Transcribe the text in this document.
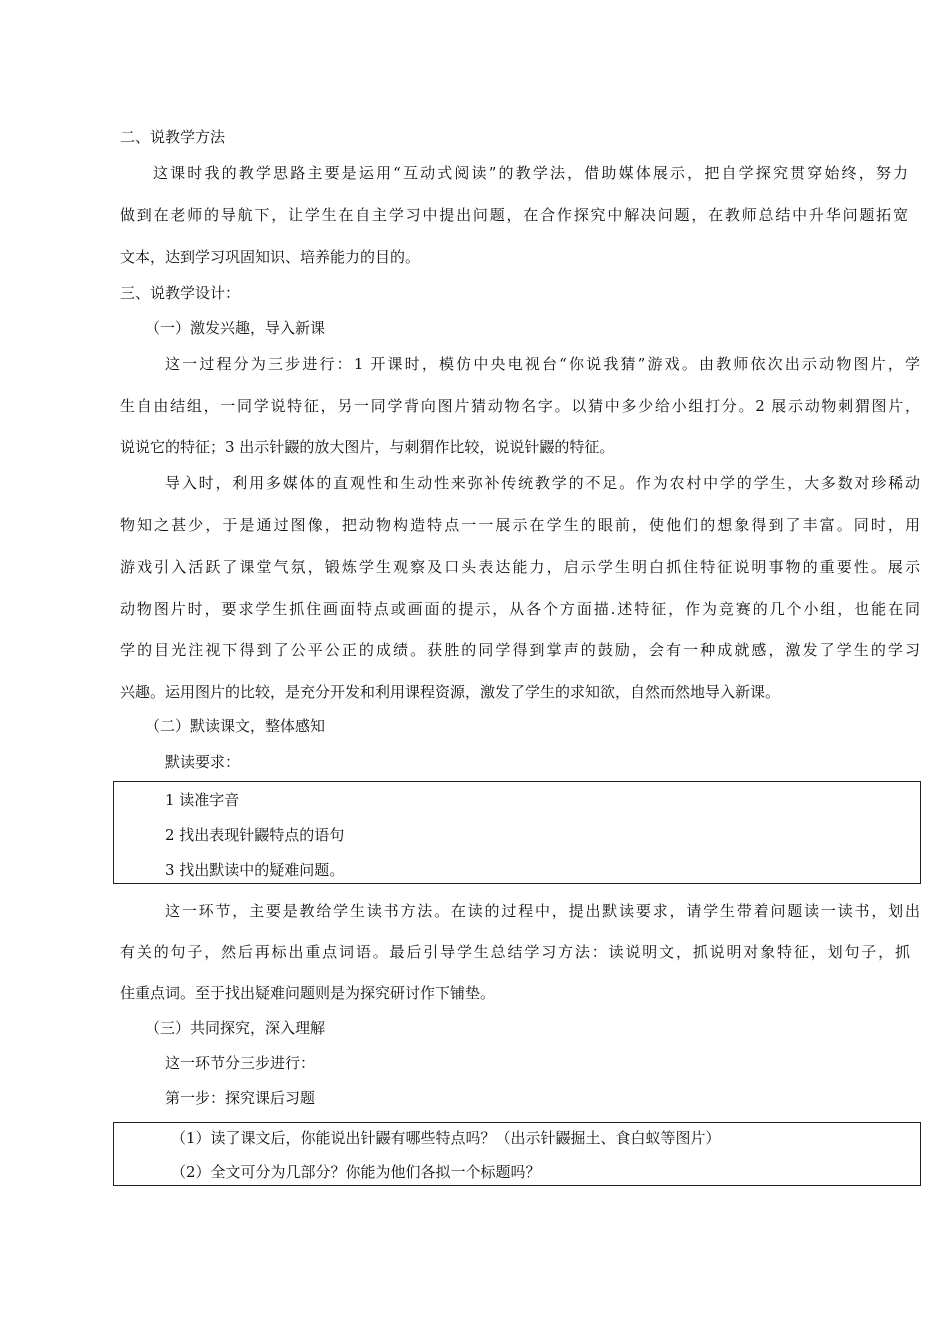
二、说教学方法
这课时我的教学思路主要是运用“互动式阅读”的教学法，借助媒体展示，把自学探究贯穿始终，努力
做到在老师的导航下，让学生在自主学习中提出问题，在合作探究中解决问题，在教师总结中升华问题拓宽
文本，达到学习巩固知识、培养能力的目的。
三、说教学设计：
（一）激发兴趣，导入新课
这一过程分为三步进行：1 开课时，模仿中央电视台“你说我猜”游戏。由教师依次出示动物图片，学
生自由结组，一同学说特征，另一同学背向图片猜动物名字。以猜中多少给小组打分。2 展示动物刺猬图片，
说说它的特征；3 出示针鼹的放大图片，与刺猬作比较，说说针鼹的特征。
导入时，利用多媒体的直观性和生动性来弥补传统教学的不足。作为农村中学的学生，大多数对珍稀动
物知之甚少，于是通过图像，把动物构造特点一一展示在学生的眼前，使他们的想象得到了丰富。同时，用
游戏引入活跃了课堂气氛，锻炼学生观察及口头表达能力，启示学生明白抓住特征说明事物的重要性。展示
动物图片时，要求学生抓住画面特点或画面的提示，从各个方面描.述特征，作为竞赛的几个小组，也能在同
学的目光注视下得到了公平公正的成绩。获胜的同学得到掌声的鼓励，会有一种成就感，激发了学生的学习
兴趣。运用图片的比较，是充分开发和利用课程资源，激发了学生的求知欲，自然而然地导入新课。
（二）默读课文，整体感知
默读要求：
1 读准字音
2 找出表现针鼹特点的语句
3 找出默读中的疑难问题。
这一环节，主要是教给学生读书方法。在读的过程中，提出默读要求，请学生带着问题读一读书，划出
有关的句子，然后再标出重点词语。最后引导学生总结学习方法：读说明文，抓说明对象特征，划句子，抓
住重点词。至于找出疑难问题则是为探究研讨作下铺垫。
（三）共同探究，深入理解
这一环节分三步进行：
第一步：探究课后习题
（1）读了课文后，你能说出针鼹有哪些特点吗？（出示针鼹掘土、食白蚁等图片）
（2）全文可分为几部分？你能为他们各拟一个标题吗？
